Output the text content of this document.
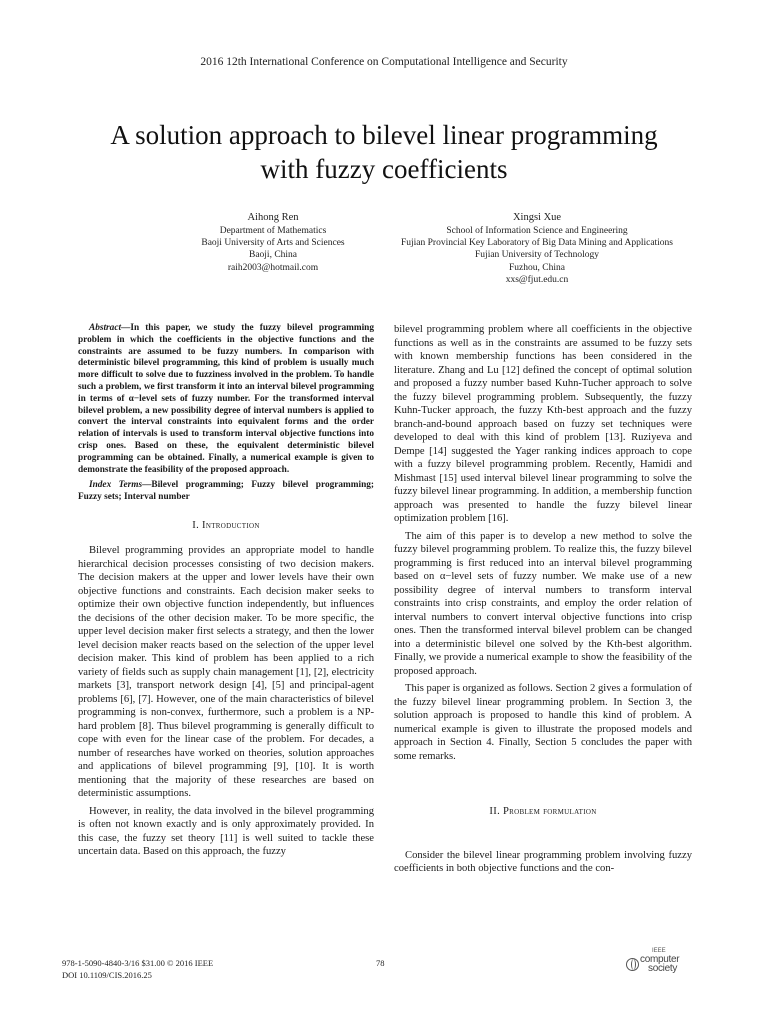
2016 12th International Conference on Computational Intelligence and Security
A solution approach to bilevel linear programming
with fuzzy coefficients
Aihong Ren
Department of Mathematics
Baoji University of Arts and Sciences
Baoji, China
raih2003@hotmail.com
Xingsi Xue
School of Information Science and Engineering
Fujian Provincial Key Laboratory of Big Data Mining and Applications
Fujian University of Technology
Fuzhou, China
xxs@fjut.edu.cn

Abstract—In this paper, we study the fuzzy bilevel programming problem in which the coefficients in the objective functions and the constraints are assumed to be fuzzy numbers. In comparison with deterministic bilevel programming, this kind of problem is usually much more difficult to solve due to fuzziness involved in the problem. To handle such a problem, we first transform it into an interval bilevel programming in terms of α−level sets of fuzzy number. For the transformed interval bilevel problem, a new possibility degree of interval numbers is applied to convert the interval constraints into equivalent forms and the order relation of intervals is used to transform interval objective functions into crisp ones. Based on these, the equivalent deterministic bilevel programming can be obtained. Finally, a numerical example is given to demonstrate the feasibility of the proposed approach.

Index Terms—Bilevel programming; Fuzzy bilevel programming; Fuzzy sets; Interval number

I. Introduction

Bilevel programming provides an appropriate model to handle hierarchical decision processes consisting of two decision makers. The decision makers at the upper and lower levels have their own objective functions and constraints. Each decision maker seeks to optimize their own objective function independently, but influences the decisions of the other decision maker. To be more specific, the upper level decision maker first selects a strategy, and then the lower level decision maker reacts based on the selection of the upper level decision maker. This kind of problem has been applied to a rich variety of fields such as supply chain management [1], [2], electricity markets [3], transport network design [4], [5] and principal-agent problems [6], [7]. However, one of the main characteristics of bilevel programming is non-convex, furthermore, such a problem is a NP-hard problem [8]. Thus bilevel programming is generally difficult to cope with even for the linear case of the problem. For decades, a number of researches have worked on theories, solution approaches and applications of bilevel programming [9], [10]. It is worth mentioning that the majority of these researches are based on deterministic assumptions.

However, in reality, the data involved in the bilevel programming is often not known exactly and is only approximately provided. In this case, the fuzzy set theory [11] is well suited to tackle these uncertain data. Based on this approach, the fuzzy

bilevel programming problem where all coefficients in the objective functions as well as in the constraints are assumed to be fuzzy sets with known membership functions has been considered in the literature. Zhang and Lu [12] defined the concept of optimal solution and proposed a fuzzy number based Kuhn-Tucher approach to solve the fuzzy bilevel programming problem. Subsequently, the fuzzy Kuhn-Tucker approach, the fuzzy Kth-best approach and the fuzzy branch-and-bound approach based on fuzzy set techniques were developed to deal with this kind of problem [13]. Ruziyeva and Dempe [14] suggested the Yager ranking indices approach to cope with a fuzzy bilevel programming problem. Recently, Hamidi and Mishmast [15] used interval bilevel linear programming to solve the fuzzy bilevel linear programming. In addition, a membership function approach was presented to handle the fuzzy bilevel linear optimization problem [16].

The aim of this paper is to develop a new method to solve the fuzzy bilevel programming problem. To realize this, the fuzzy bilevel programming is first reduced into an interval bilevel programming based on α−level sets of fuzzy number. We make use of a new possibility degree of interval numbers to transform interval constraints into crisp constraints, and employ the order relation of interval numbers to convert interval objective functions into crisp ones. Then the transformed interval bilevel problem can be changed into a deterministic bilevel one solved by the Kth-best algorithm. Finally, we provide a numerical example to show the feasibility of the proposed approach.

This paper is organized as follows. Section 2 gives a formulation of the fuzzy bilevel linear programming problem. In Section 3, the solution approach is proposed to handle this kind of problem. A numerical example is given to illustrate the proposed models and approach in Section 4. Finally, Section 5 concludes the paper with some remarks.

II. Problem formulation

Consider the bilevel linear programming problem involving fuzzy coefficients in both objective functions and the con-

978-1-5090-4840-3/16 $31.00 © 2016 IEEE
DOI 10.1109/CIS.2016.25
78
IEEE
computer
society
